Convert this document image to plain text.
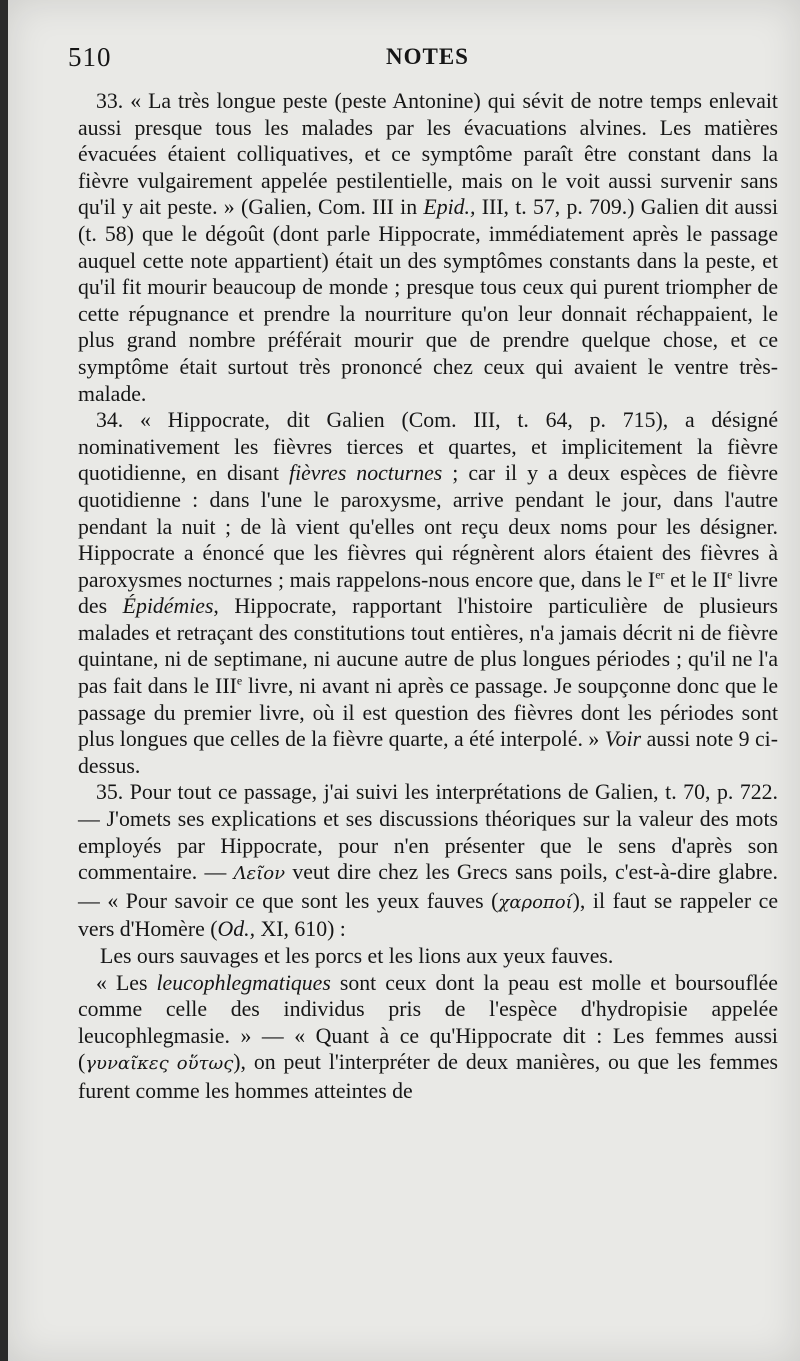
510	NOTES

33. « La très longue peste (peste Antonine) qui sévit de notre temps enlevait aussi presque tous les malades par les évacuations alvines. Les matières évacuées étaient colliquatives, et ce symptôme paraît être constant dans la fièvre vulgairement appelée pestilentielle, mais on le voit aussi survenir sans qu'il y ait peste. » (Galien, Com. III in Epid., III, t. 57, p. 709.) Galien dit aussi (t. 58) que le dégoût (dont parle Hippocrate, immédiatement après le passage auquel cette note appartient) était un des symptômes constants dans la peste, et qu'il fit mourir beaucoup de monde ; presque tous ceux qui purent triompher de cette répugnance et prendre la nourriture qu'on leur donnait réchappaient, le plus grand nombre préférait mourir que de prendre quelque chose, et ce symptôme était surtout très prononcé chez ceux qui avaient le ventre très-malade.

34. « Hippocrate, dit Galien (Com. III, t. 64, p. 715), a désigné nominativement les fièvres tierces et quartes, et implicitement la fièvre quotidienne, en disant fièvres nocturnes ; car il y a deux espèces de fièvre quotidienne : dans l'une le paroxysme, arrive pendant le jour, dans l'autre pendant la nuit ; de là vient qu'elles ont reçu deux noms pour les désigner. Hippocrate a énoncé que les fièvres qui régnèrent alors étaient des fièvres à paroxysmes nocturnes ; mais rappelons-nous encore que, dans le Ier et le IIe livre des Épidémies, Hippocrate, rapportant l'histoire particulière de plusieurs malades et retraçant des constitutions tout entières, n'a jamais décrit ni de fièvre quintane, ni de septimane, ni aucune autre de plus longues périodes ; qu'il ne l'a pas fait dans le IIIe livre, ni avant ni après ce passage. Je soupçonne donc que le passage du premier livre, où il est question des fièvres dont les périodes sont plus longues que celles de la fièvre quarte, a été interpolé. » Voir aussi note 9 ci-dessus.

35. Pour tout ce passage, j'ai suivi les interprétations de Galien, t. 70, p. 722. — J'omets ses explications et ses discussions théoriques sur la valeur des mots employés par Hippocrate, pour n'en présenter que le sens d'après son commentaire. — Λεῖον veut dire chez les Grecs sans poils, c'est-à-dire glabre. — « Pour savoir ce que sont les yeux fauves (χαροποί), il faut se rappeler ce vers d'Homère (Od., XI, 610) :

Les ours sauvages et les porcs et les lions aux yeux fauves.

« Les leucophlegmatiques sont ceux dont la peau est molle et boursouflée comme celle des individus pris de l'espèce d'hydropisie appelée leucophlegmasie. » — « Quant à ce qu'Hippocrate dit : Les femmes aussi (γυναῖκες οὕτως), on peut l'interpréter de deux manières, ou que les femmes furent comme les hommes atteintes de
